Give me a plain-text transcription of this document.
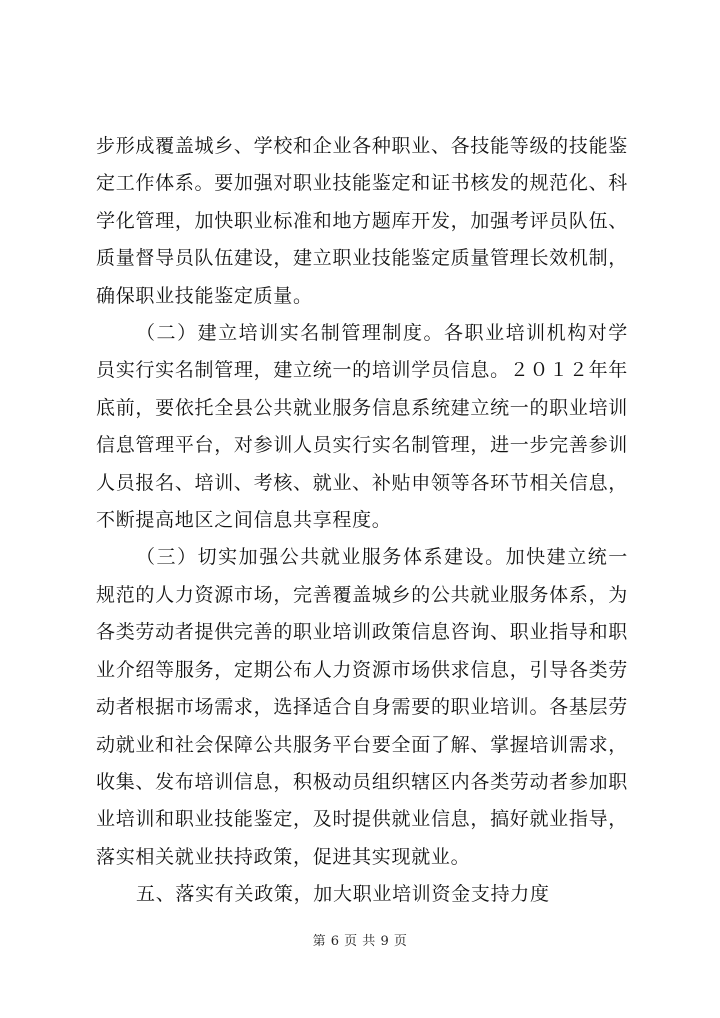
步形成覆盖城乡、学校和企业各种职业、各技能等级的技能鉴定工作体系。要加强对职业技能鉴定和证书核发的规范化、科学化管理，加快职业标准和地方题库开发，加强考评员队伍、质量督导员队伍建设，建立职业技能鉴定质量管理长效机制，确保职业技能鉴定质量。

（二）建立培训实名制管理制度。各职业培训机构对学员实行实名制管理，建立统一的培训学员信息。２０１２年年底前，要依托全县公共就业服务信息系统建立统一的职业培训信息管理平台，对参训人员实行实名制管理，进一步完善参训人员报名、培训、考核、就业、补贴申领等各环节相关信息，不断提高地区之间信息共享程度。

（三）切实加强公共就业服务体系建设。加快建立统一规范的人力资源市场，完善覆盖城乡的公共就业服务体系，为各类劳动者提供完善的职业培训政策信息咨询、职业指导和职业介绍等服务，定期公布人力资源市场供求信息，引导各类劳动者根据市场需求，选择适合自身需要的职业培训。各基层劳动就业和社会保障公共服务平台要全面了解、掌握培训需求，收集、发布培训信息，积极动员组织辖区内各类劳动者参加职业培训和职业技能鉴定，及时提供就业信息，搞好就业指导，落实相关就业扶持政策，促进其实现就业。

五、落实有关政策，加大职业培训资金支持力度

第 6 页 共 9 页
